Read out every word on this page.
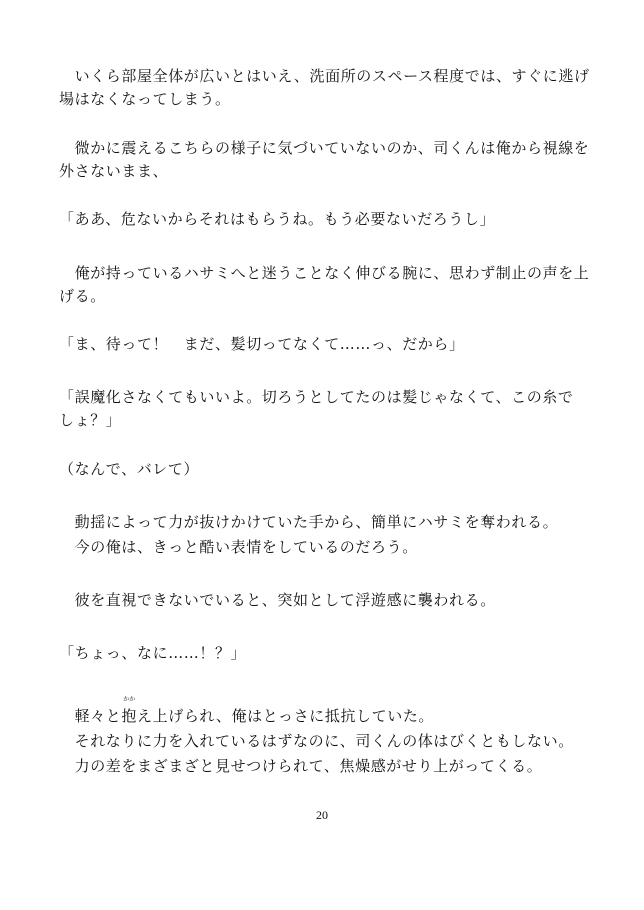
　いくら部屋全体が広いとはいえ、洗面所のスペース程度では、すぐに逃げ
場はなくなってしまう。
　微かに震えるこちらの様子に気づいていないのか、司くんは俺から視線を
外さないまま、
「ああ、危ないからそれはもらうね。もう必要ないだろうし」
　俺が持っているハサミへと迷うことなく伸びる腕に、思わず制止の声を上
げる。
「ま、待って！　まだ、髪切ってなくて……っ、だから」
「誤魔化さなくてもいいよ。切ろうとしてたのは髪じゃなくて、この糸で
しょ？」
（なんで、バレて）
　動揺によって力が抜けかけていた手から、簡単にハサミを奪われる。
　今の俺は、きっと酷い表情をしているのだろう。
　彼を直視できないでいると、突如として浮遊感に襲われる。
「ちょっ、なに……！？」
　軽々と
かか
抱え上げられ、俺はとっさに抵抗していた。
　それなりに力を入れているはずなのに、司くんの体はびくともしない。
　力の差をまざまざと見せつけられて、焦燥感がせり上がってくる。
20
